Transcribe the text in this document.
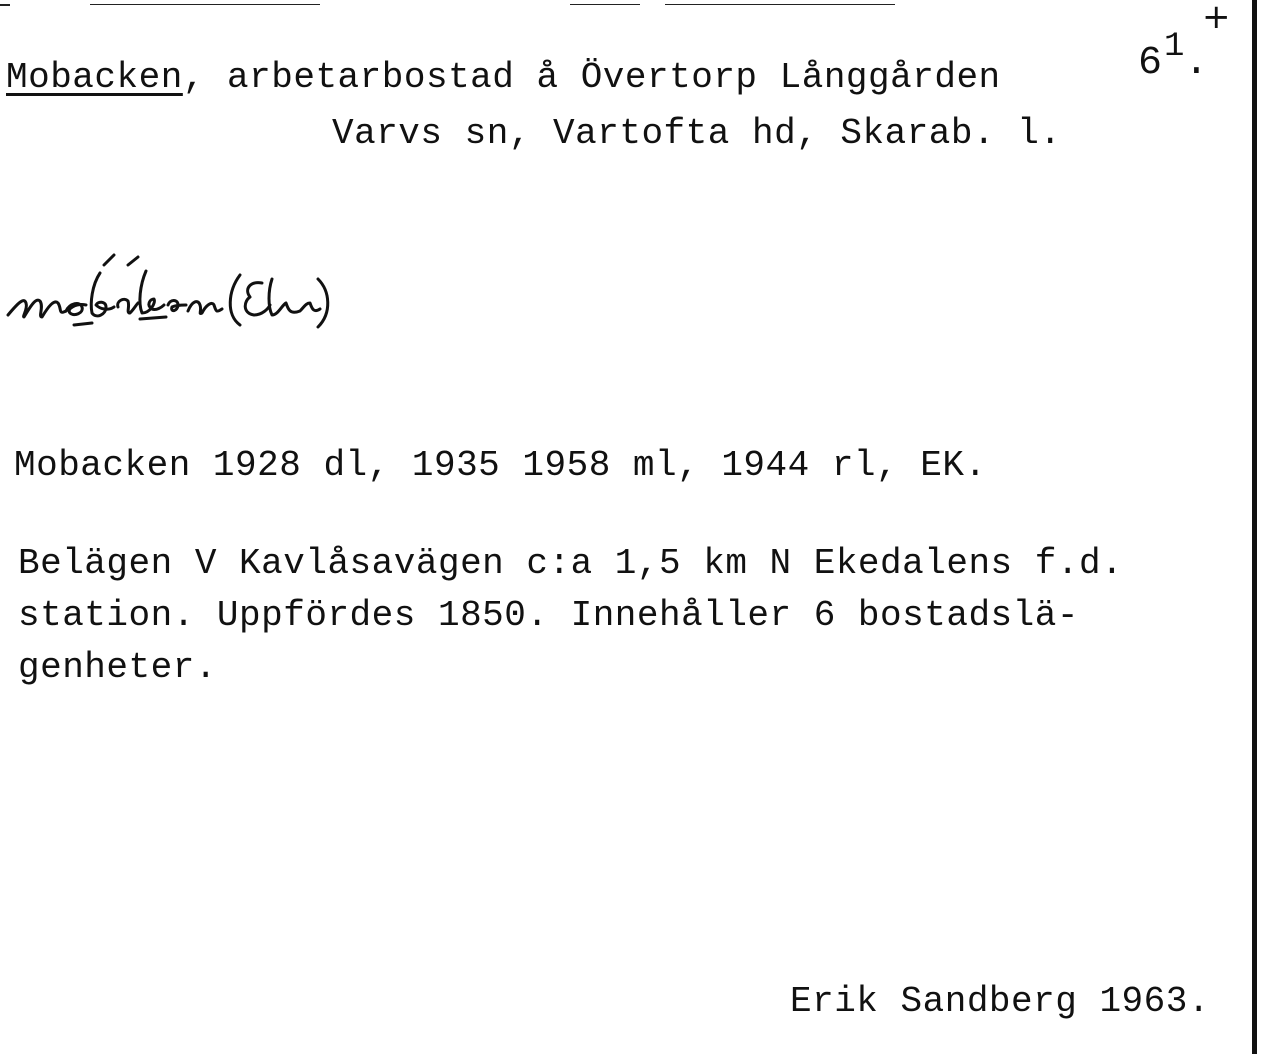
+
Mobacken, arbetarbostad å Övertorp Långgården	$6^1$.
Varvs sn, Vartofta hd, Skarab. l.
Mobacken 1928 dl, 1935 1958 ml, 1944 rl, EK.
Belägen V Kavlåsavägen c:a 1,5 km N Ekedalens f.d.
station. Uppfördes 1850. Innehåller 6 bostadslä-
genheter.
Erik Sandberg 1963.
